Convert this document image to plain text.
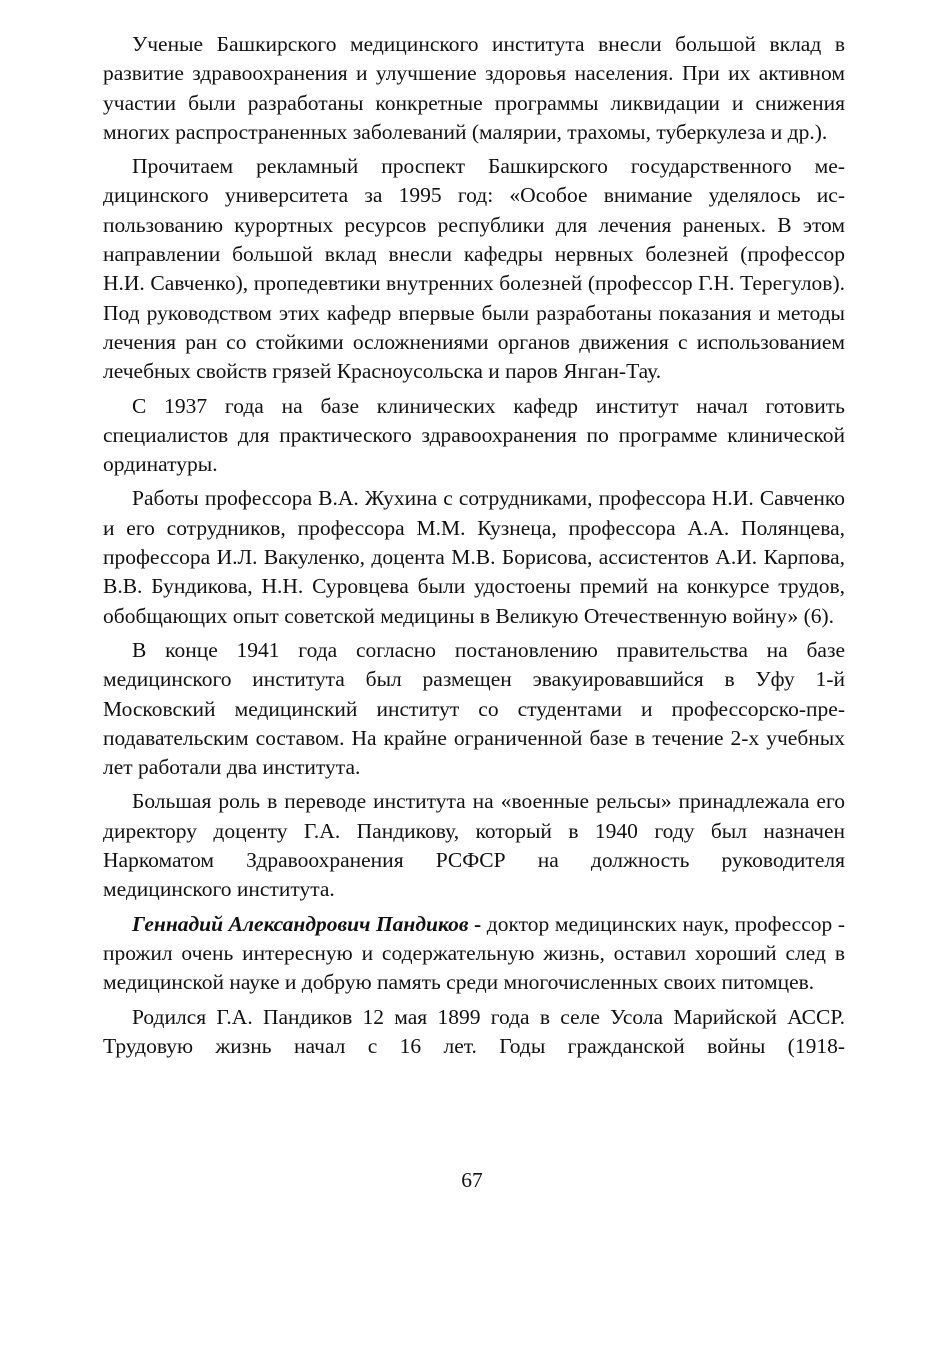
Ученые Башкирского медицинского института внесли большой вклад в развитие здравоохранения и улучшение здоровья населения. При их активном участии были разработаны конкретные программы ликвидации и снижения многих распространенных заболеваний (малярии, трахомы, туберкулеза и др.).

Прочитаем рекламный проспект Башкирского государственного медицинского университета за 1995 год: «Особое внимание уделялось использованию курортных ресурсов республики для лечения раненых. В этом направлении большой вклад внесли кафедры нервных болезней (профессор Н.И. Савченко), пропедевтики внутренних болезней (профессор Г.Н. Терегулов). Под руководством этих кафедр впервые были разработаны показания и методы лечения ран со стойкими осложнениями органов движения с использованием лечебных свойств грязей Красноусольска и паров Янган-Тау.

С 1937 года на базе клинических кафедр институт начал готовить специалистов для практического здравоохранения по программе клинической ординатуры.

Работы профессора В.А. Жухина с сотрудниками, профессора Н.И. Савченко и его сотрудников, профессора М.М. Кузнеца, профессора А.А. Полянцева, профессора И.Л. Вакуленко, доцента М.В. Борисова, ассистентов А.И. Карпова, В.В. Бундикова, Н.Н. Суровцева были удостоены премий на конкурсе трудов, обобщающих опыт советской медицины в Великую Отечественную войну» (6).

В конце 1941 года согласно постановлению правительства на базе медицинского института был размещен эвакуировавшийся в Уфу 1-й Московский медицинский институт со студентами и профессорско-преподавательским составом. На крайне ограниченной базе в течение 2-х учебных лет работали два института.

Большая роль в переводе института на «военные рельсы» принадлежала его директору доценту Г.А. Пандикову, который в 1940 году был назначен Наркоматом Здравоохранения РСФСР на должность руководителя медицинского института.

Геннадий Александрович Пандиков - доктор медицинских наук, профессор - прожил очень интересную и содержательную жизнь, оставил хороший след в медицинской науке и добрую память среди многочисленных своих питомцев.

Родился Г.А. Пандиков 12 мая 1899 года в селе Усола Марийской АССР. Трудовую жизнь начал с 16 лет. Годы гражданской войны (1918-

67
